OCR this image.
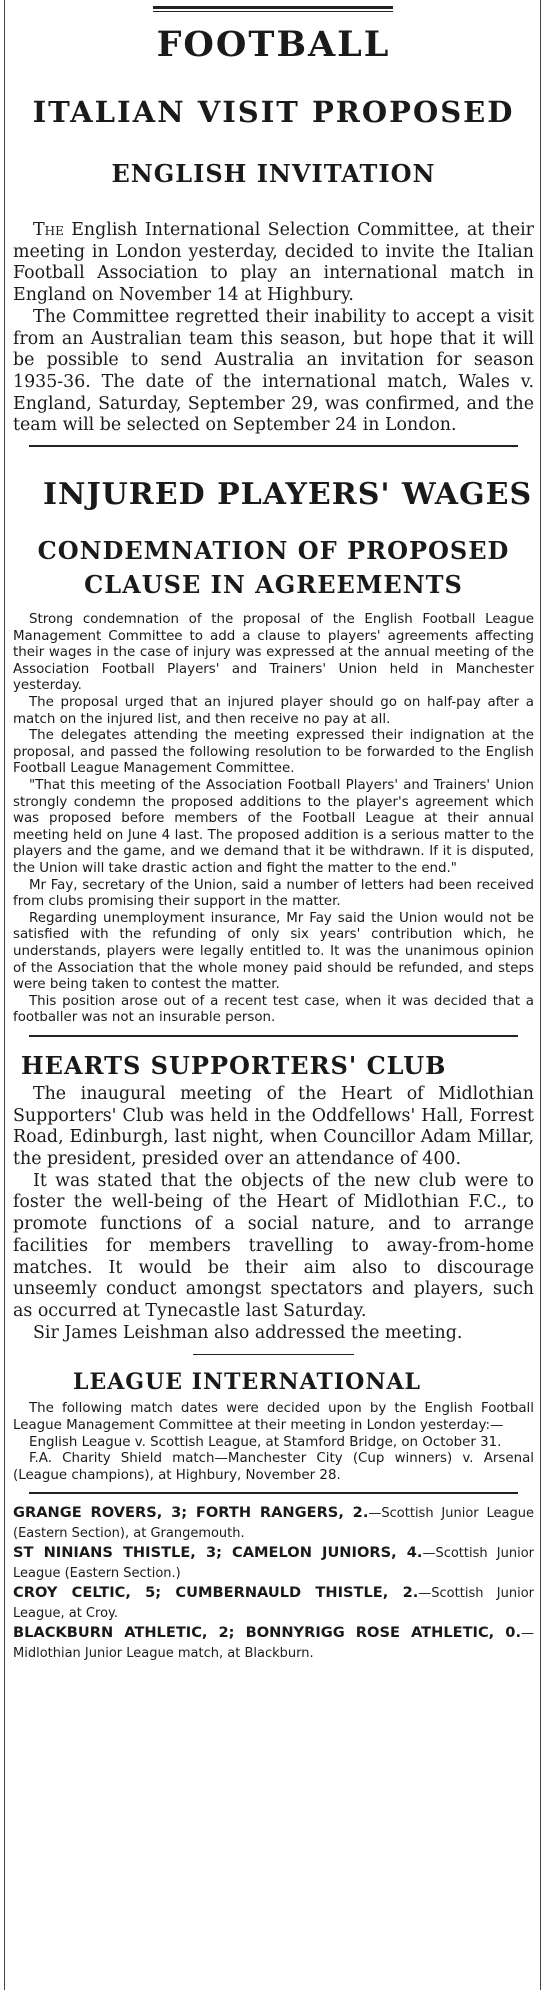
FOOTBALL
ITALIAN VISIT PROPOSED
ENGLISH INVITATION

The English International Selection Committee, at their meeting in London yesterday, decided to invite the Italian Football Association to play an international match in England on November 14 at Highbury.

The Committee regretted their inability to accept a visit from an Australian team this season, but hope that it will be possible to send Australia an invitation for season 1935-36. The date of the international match, Wales v. England, Saturday, September 29, was confirmed, and the team will be selected on September 24 in London.

INJURED PLAYERS' WAGES
CONDEMNATION OF PROPOSED CLAUSE IN AGREEMENTS

Strong condemnation of the proposal of the English Football League Management Committee to add a clause to players' agreements affecting their wages in the case of injury was expressed at the annual meeting of the Association Football Players' and Trainers' Union held in Manchester yesterday.

The proposal urged that an injured player should go on half-pay after a match on the injured list, and then receive no pay at all.

The delegates attending the meeting expressed their indignation at the proposal, and passed the following resolution to be forwarded to the English Football League Management Committee.

"That this meeting of the Association Football Players' and Trainers' Union strongly condemn the proposed additions to the player's agreement which was proposed before members of the Football League at their annual meeting held on June 4 last. The proposed addition is a serious matter to the players and the game, and we demand that it be withdrawn. If it is disputed, the Union will take drastic action and fight the matter to the end."

Mr Fay, secretary of the Union, said a number of letters had been received from clubs promising their support in the matter.

Regarding unemployment insurance, Mr Fay said the Union would not be satisfied with the refunding of only six years' contribution which, he understands, players were legally entitled to. It was the unanimous opinion of the Association that the whole money paid should be refunded, and steps were being taken to contest the matter.

This position arose out of a recent test case, when it was decided that a footballer was not an insurable person.

HEARTS SUPPORTERS' CLUB

The inaugural meeting of the Heart of Midlothian Supporters' Club was held in the Oddfellows' Hall, Forrest Road, Edinburgh, last night, when Councillor Adam Millar, the president, presided over an attendance of 400.

It was stated that the objects of the new club were to foster the well-being of the Heart of Midlothian F.C., to promote functions of a social nature, and to arrange facilities for members travelling to away-from-home matches. It would be their aim also to discourage unseemly conduct amongst spectators and players, such as occurred at Tynecastle last Saturday.

Sir James Leishman also addressed the meeting.

LEAGUE INTERNATIONAL

The following match dates were decided upon by the English Football League Management Committee at their meeting in London yesterday:—

English League v. Scottish League, at Stamford Bridge, on October 31.

F.A. Charity Shield match—Manchester City (Cup winners) v. Arsenal (League champions), at Highbury, November 28.

GRANGE ROVERS, 3; FORTH RANGERS, 2.—Scottish Junior League (Eastern Section), at Grangemouth.

ST NINIANS THISTLE, 3; CAMELON JUNIORS, 4.—Scottish Junior League (Eastern Section.)

CROY CELTIC, 5; CUMBERNAULD THISTLE, 2.—Scottish Junior League, at Croy.

BLACKBURN ATHLETIC, 2; BONNYRIGG ROSE ATHLETIC, 0.—Midlothian Junior League match, at Blackburn.
